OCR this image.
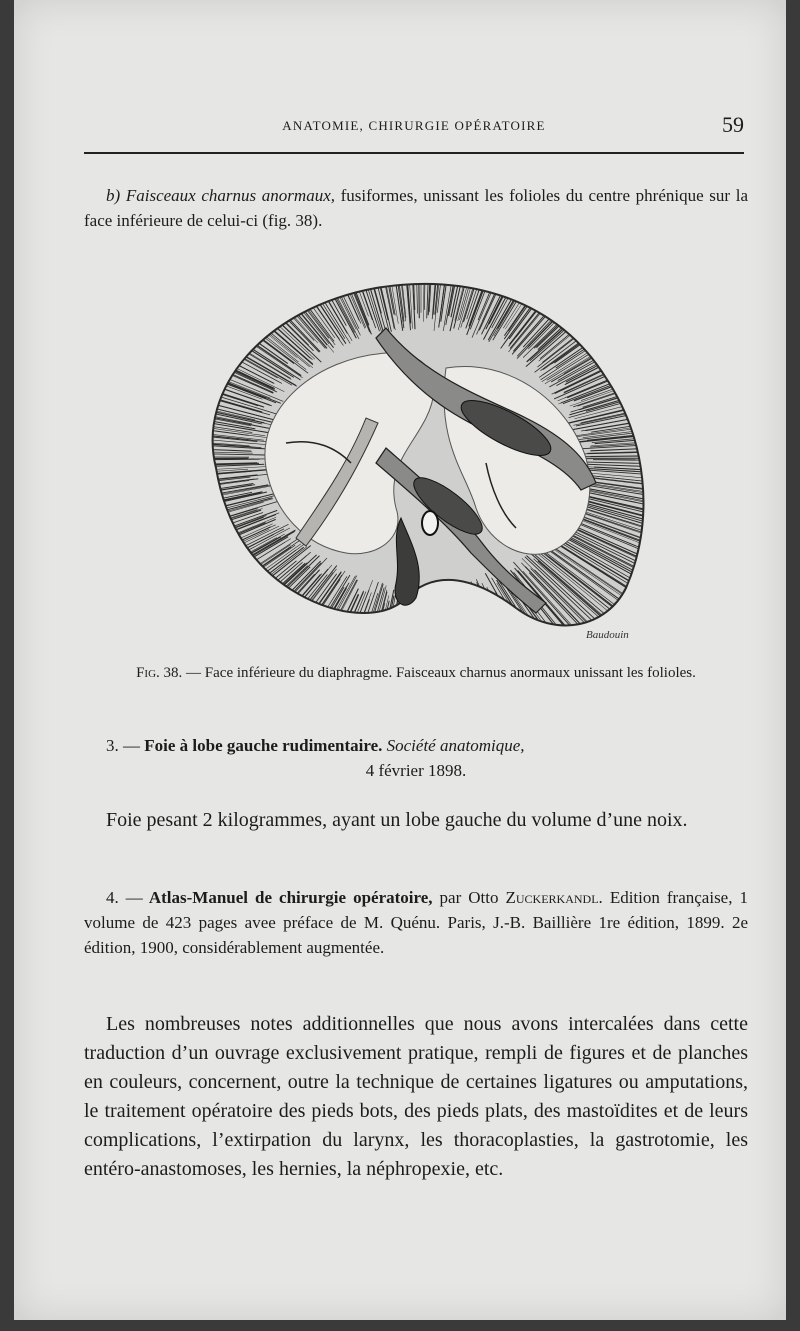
ANATOMIE, CHIRURGIE OPÉRATOIRE	59

b) Faisceaux charnus anormaux, fusiformes, unissant les folioles du centre phrénique sur la face inférieure de celui-ci (fig. 38).

Baudouin
Fig. 38. — Face inférieure du diaphragme. Faisceaux charnus anormaux unissant les folioles.
3. — Foie à lobe gauche rudimentaire. Société anatomique,
4 février 1898.

Foie pesant 2 kilogrammes, ayant un lobe gauche du volume d’une noix.

4. — Atlas-Manuel de chirurgie opératoire, par Otto Zuckerkandl. Edition française, 1 volume de 423 pages avee préface de M. Quénu. Paris, J.-B. Baillière 1re édition, 1899. 2e édition, 1900, considérablement augmentée.

Les nombreuses notes additionnelles que nous avons intercalées dans cette traduction d’un ouvrage exclusivement pratique, rempli de figures et de planches en couleurs, concernent, outre la technique de certaines ligatures ou amputations, le traitement opératoire des pieds bots, des pieds plats, des mastoïdites et de leurs complications, l’extirpation du larynx, les thoracoplasties, la gastrotomie, les entéro-anastomoses, les hernies, la néphropexie, etc.
